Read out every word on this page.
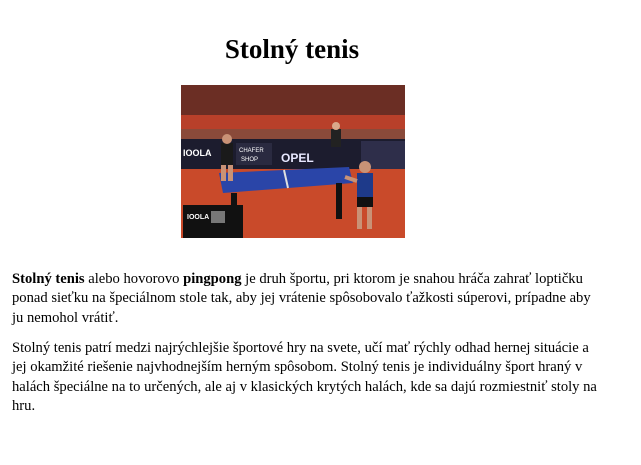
Stolný tenis
IOOLA	CHAFER
SHOP OPEL
IOOLA

Stolný tenis alebo hovorovo pingpong je druh športu, pri ktorom je snahou hráča zahrať loptičku ponad sieťku na špeciálnom stole tak, aby jej vrátenie spôsobovalo ťažkosti súperovi, prípadne aby ju nemohol vrátiť.

Stolný tenis patrí medzi najrýchlejšie športové hry na svete, učí mať rýchly odhad hernej situácie a jej okamžité riešenie najvhodnejším herným spôsobom. Stolný tenis je individuálny šport hraný v halách špeciálne na to určených, ale aj v klasických krytých halách, kde sa dajú rozmiestniť stoly na hru.
